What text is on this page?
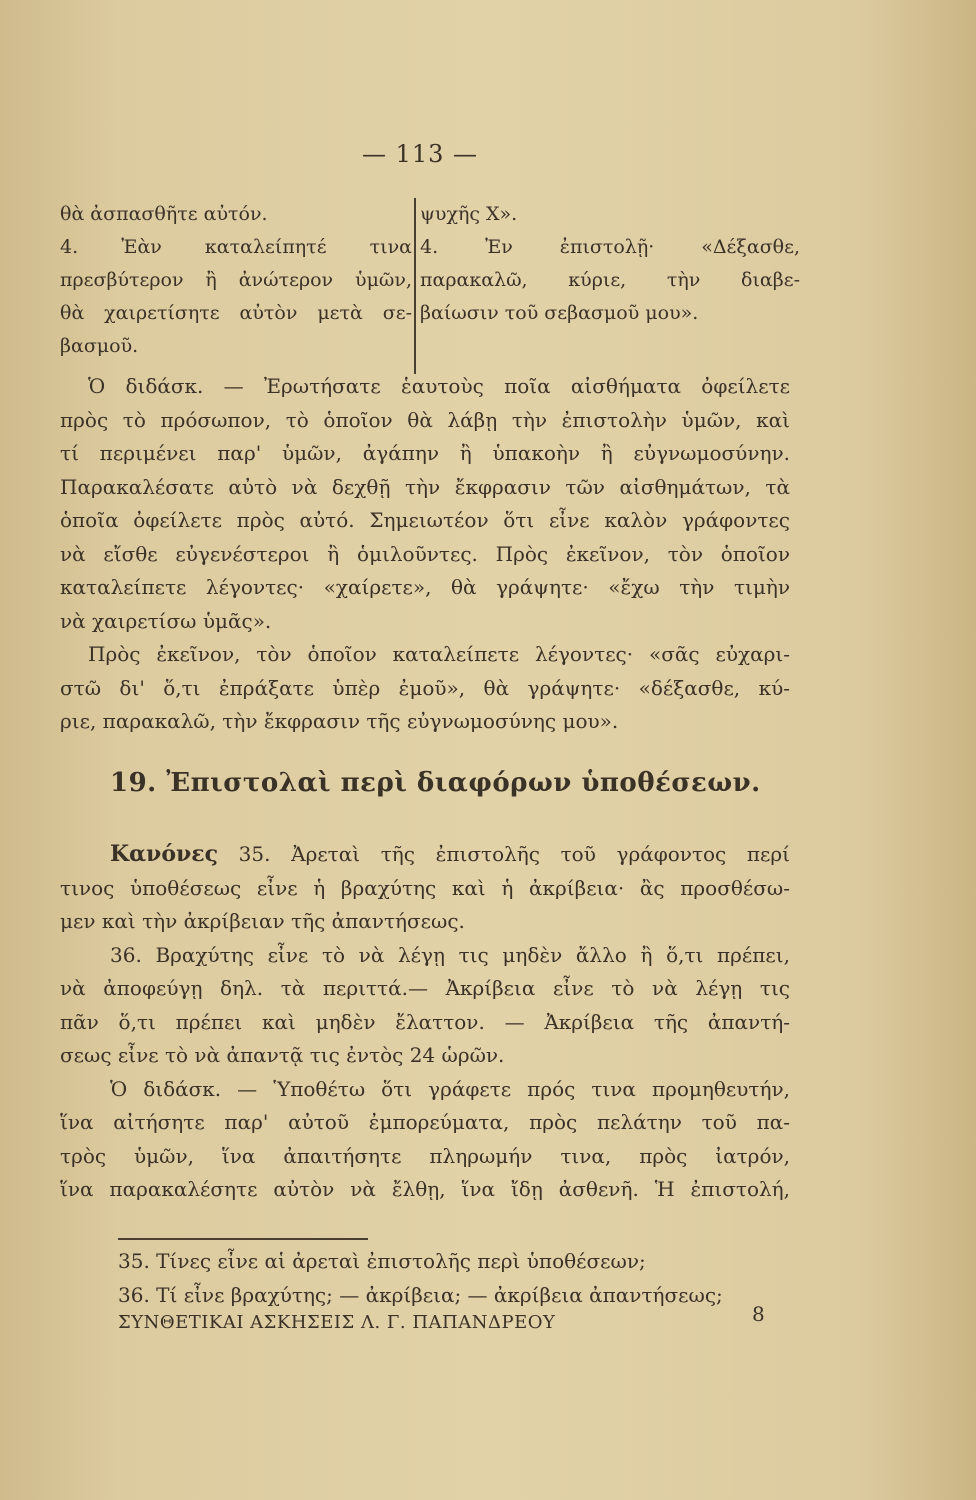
— 113 —
θὰ ἀσπασθῆτε αὐτόν.
4. Ἐὰν καταλείπητέ τινα
πρεσβύτερον ἢ ἀνώτερον ὑμῶν,
θὰ χαιρετίσητε αὐτὸν μετὰ σε-
βασμοῦ.
ψυχῆς Χ».
4. Ἐν ἐπιστολῇ· «Δέξασθε,
παρακαλῶ, κύριε, τὴν διαβε-
βαίωσιν τοῦ σεβασμοῦ μου».
Ὁ διδάσκ. — Ἐρωτήσατε ἑαυτοὺς ποῖα αἰσθήματα ὀφείλετε
πρὸς τὸ πρόσωπον, τὸ ὁποῖον θὰ λάβῃ τὴν ἐπιστολὴν ὑμῶν, καὶ
τί περιμένει παρ' ὑμῶν, ἀγάπην ἢ ὑπακοὴν ἢ εὐγνωμοσύνην.
Παρακαλέσατε αὐτὸ νὰ δεχθῇ τὴν ἔκφρασιν τῶν αἰσθημάτων, τὰ
ὁποῖα ὀφείλετε πρὸς αὐτό. Σημειωτέον ὅτι εἶνε καλὸν γράφοντες
νὰ εἴσθε εὐγενέστεροι ἢ ὁμιλοῦντες. Πρὸς ἐκεῖνον, τὸν ὁποῖον
καταλείπετε λέγοντες· «χαίρετε», θὰ γράψητε· «ἔχω τὴν τιμὴν
νὰ χαιρετίσω ὑμᾶς».
Πρὸς ἐκεῖνον, τὸν ὁποῖον καταλείπετε λέγοντες· «σᾶς εὐχαρι-
στῶ δι' ὅ,τι ἐπράξατε ὑπὲρ ἐμοῦ», θὰ γράψητε· «δέξασθε, κύ-
ριε, παρακαλῶ, τὴν ἔκφρασιν τῆς εὐγνωμοσύνης μου».
19. Ἐπιστολαὶ περὶ διαφόρων ὑποθέσεων.
Κανόνες 35. Ἀρεταὶ τῆς ἐπιστολῆς τοῦ γράφοντος περί
τινος ὑποθέσεως εἶνε ἡ βραχύτης καὶ ἡ ἀκρίβεια· ἂς προσθέσω-
μεν καὶ τὴν ἀκρίβειαν τῆς ἀπαντήσεως.
36. Βραχύτης εἶνε τὸ νὰ λέγῃ τις μηδὲν ἄλλο ἢ ὅ,τι πρέπει,
νὰ ἀποφεύγῃ δηλ. τὰ περιττά.— Ἀκρίβεια εἶνε τὸ νὰ λέγῃ τις
πᾶν ὅ,τι πρέπει καὶ μηδὲν ἔλαττον. — Ἀκρίβεια τῆς ἀπαντή-
σεως εἶνε τὸ νὰ ἀπαντᾷ τις ἐντὸς 24 ὡρῶν.
Ὁ διδάσκ. — Ὑποθέτω ὅτι γράφετε πρός τινα προμηθευτήν,
ἵνα αἰτήσητε παρ' αὐτοῦ ἐμπορεύματα, πρὸς πελάτην τοῦ πα-
τρὸς ὑμῶν, ἵνα ἀπαιτήσητε πληρωμήν τινα, πρὸς ἰατρόν,
ἵνα παρακαλέσητε αὐτὸν νὰ ἔλθῃ, ἵνα ἴδῃ ἀσθενῆ. Ἡ ἐπιστολή,
35. Τίνες εἶνε αἱ ἀρεταὶ ἐπιστολῆς περὶ ὑποθέσεων;
36. Τί εἶνε βραχύτης; — ἀκρίβεια; — ἀκρίβεια ἀπαντήσεως;
ΣΥΝΘΕΤΙΚΑΙ ΑΣΚΗΣΕΙΣ Λ. Γ. ΠΑΠΑΝΔΡΕΟΥ	8
